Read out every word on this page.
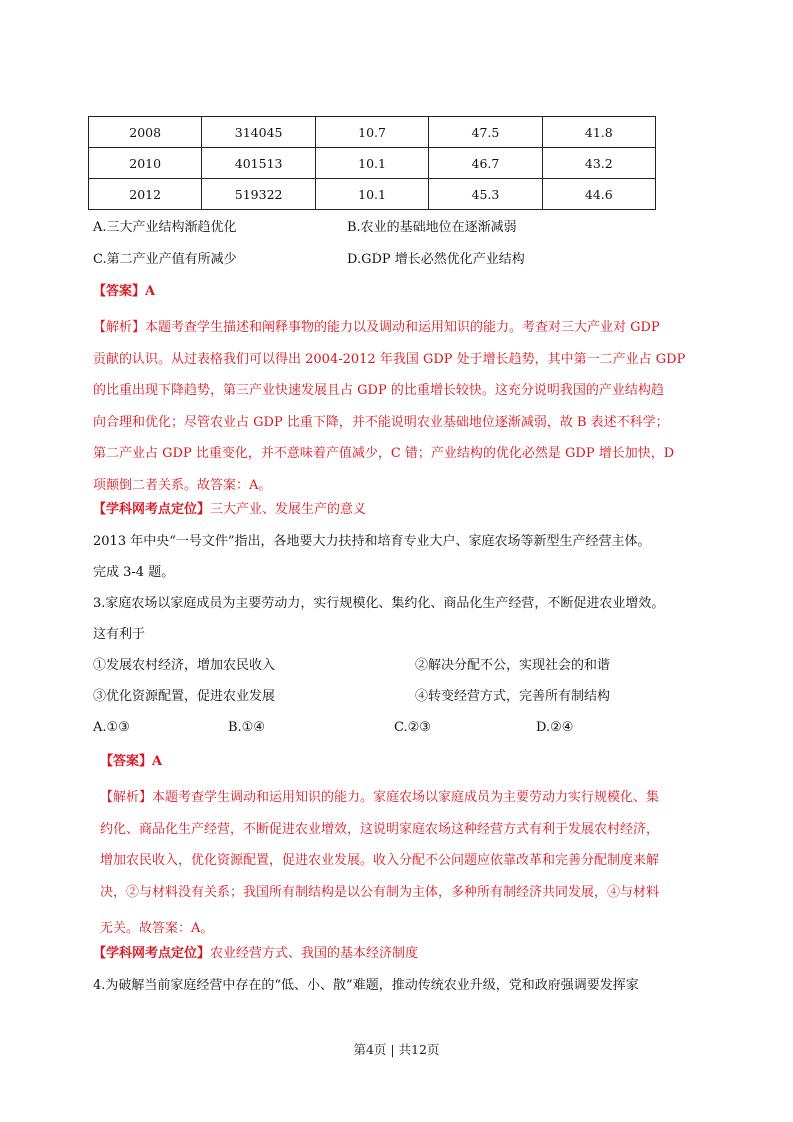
2008	314045	10.7	47.5	41.8
2010	401513	10.1	46.7	43.2
2012	519322	10.1	45.3	44.6
A.三大产业结构渐趋优化	B.农业的基础地位在逐渐减弱
C.第二产业产值有所减少	D.GDP 增长必然优化产业结构
【答案】A

【解析】本题考查学生描述和阐释事物的能力以及调动和运用知识的能力。考查对三大产业对 GDP

贡献的认识。从过表格我们可以得出 2004-2012 年我国 GDP 处于增长趋势，其中第一二产业占 GDP

的比重出现下降趋势，第三产业快速发展且占 GDP 的比重增长较快。这充分说明我国的产业结构趋

向合理和优化；尽管农业占 GDP 比重下降，并不能说明农业基础地位逐渐减弱，故 B 表述不科学；

第二产业占 GDP 比重变化，并不意味着产值减少，C 错；产业结构的优化必然是 GDP 增长加快，D

项颠倒二者关系。故答案：A。

【学科网考点定位】三大产业、发展生产的意义
2013 年中央“一号文件”指出，各地要大力扶持和培育专业大户、家庭农场等新型生产经营主体。
完成 3-4 题。
3.家庭农场以家庭成员为主要劳动力，实行规模化、集约化、商品化生产经营，不断促进农业增效。
这有利于
①发展农村经济，增加农民收入	②解决分配不公，实现社会的和谐
③优化资源配置，促进农业发展	④转变经营方式，完善所有制结构
A.①③	B.①④	C.②③	D.②④
【答案】A

【解析】本题考查学生调动和运用知识的能力。家庭农场以家庭成员为主要劳动力实行规模化、集

约化、商品化生产经营，不断促进农业增效，这说明家庭农场这种经营方式有利于发展农村经济，

增加农民收入，优化资源配置，促进农业发展。收入分配不公问题应依靠改革和完善分配制度来解

决，②与材料没有关系；我国所有制结构是以公有制为主体，多种所有制经济共同发展，④与材料

无关。故答案：A。

【学科网考点定位】农业经营方式、我国的基本经济制度
4.为破解当前家庭经营中存在的“低、小、散”难题，推动传统农业升级，党和政府强调要发挥家
第4页 | 共12页
